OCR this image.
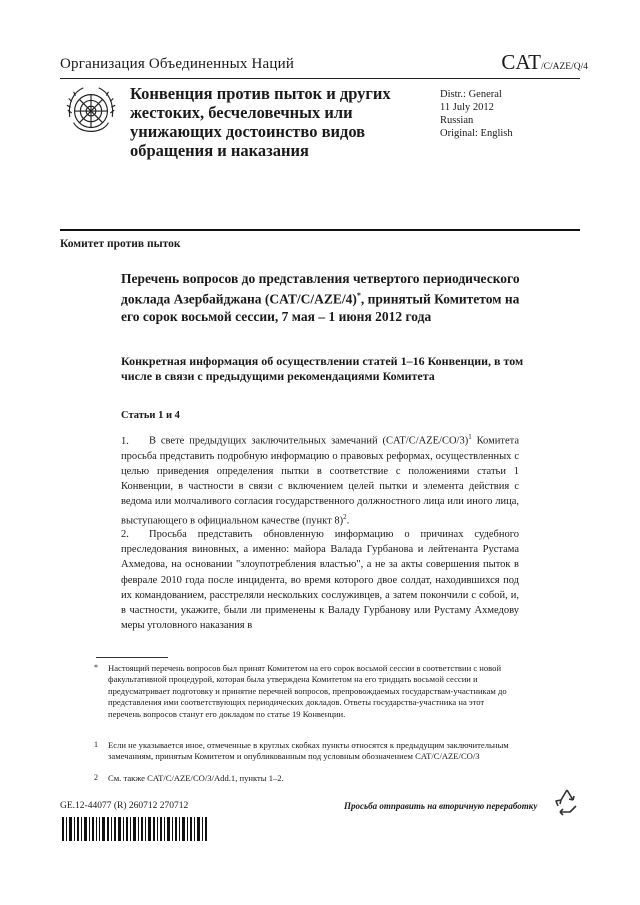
Организация Объединенных Наций	CAT/C/AZE/Q/4
Конвенция против пыток и других жестоких, бесчеловечных или унижающих достоинство видов обращения и наказания
Distr.: General
11 July 2012
Russian
Original: English
Комитет против пыток
Перечень вопросов до представления четвертого периодического доклада Азербайджана (CAT/C/AZE/4)*, принятый Комитетом на его сорок восьмой сессии, 7 мая – 1 июня 2012 года
Конкретная информация об осуществлении статей 1–16 Конвенции, в том числе в связи с предыдущими рекомендациями Комитета
Статьи 1 и 4
1. В свете предыдущих заключительных замечаний $(CAT/C/AZE/CO/3)^1$ Комитета просьба представить подробную информацию о правовых реформах, осуществленных с целью приведения определения пытки в соответствие с положениями статьи 1 Конвенции, в частности в связи с включением целей пытки и элемента действия с ведома или молчаливого согласия государственного должностного лица или иного лица, выступающего в официальном качестве (пункт 8)$^2$.
2. Просьба представить обновленную информацию о причинах судебного преследования виновных, а именно: майора Валада Гурбанова и лейтенанта Рустама Ахмедова, на основании "злоупотребления властью", а не за акты совершения пыток в феврале 2010 года после инцидента, во время которого двое солдат, находившихся под их командованием, расстреляли нескольких сослуживцев, а затем покончили с собой, и, в частности, укажите, были ли применены к Валаду Гурбанову или Рустаму Ахмедову меры уголовного наказания в
* Настоящий перечень вопросов был принят Комитетом на его сорок восьмой сессии в соответствии с новой факультативной процедурой, которая была утверждена Комитетом на его тридцать восьмой сессии и предусматривает подготовку и принятие перечней вопросов, препровождаемых государствам-участникам до представления ими соответствующих периодических докладов. Ответы государства-участника на этот перечень вопросов станут его докладом по статье 19 Конвенции.
1 Если не указывается иное, отмеченные в круглых скобках пункты относятся к предыдущим заключительным замечаниям, принятым Комитетом и опубликованным под условным обозначением CAT/C/AZE/CO/3
2 См. также CAT/C/AZE/CO/3/Add.1, пункты 1–2.
GE.12-44077 (R) 260712 270712	Просьба отправить на вторичную переработку
